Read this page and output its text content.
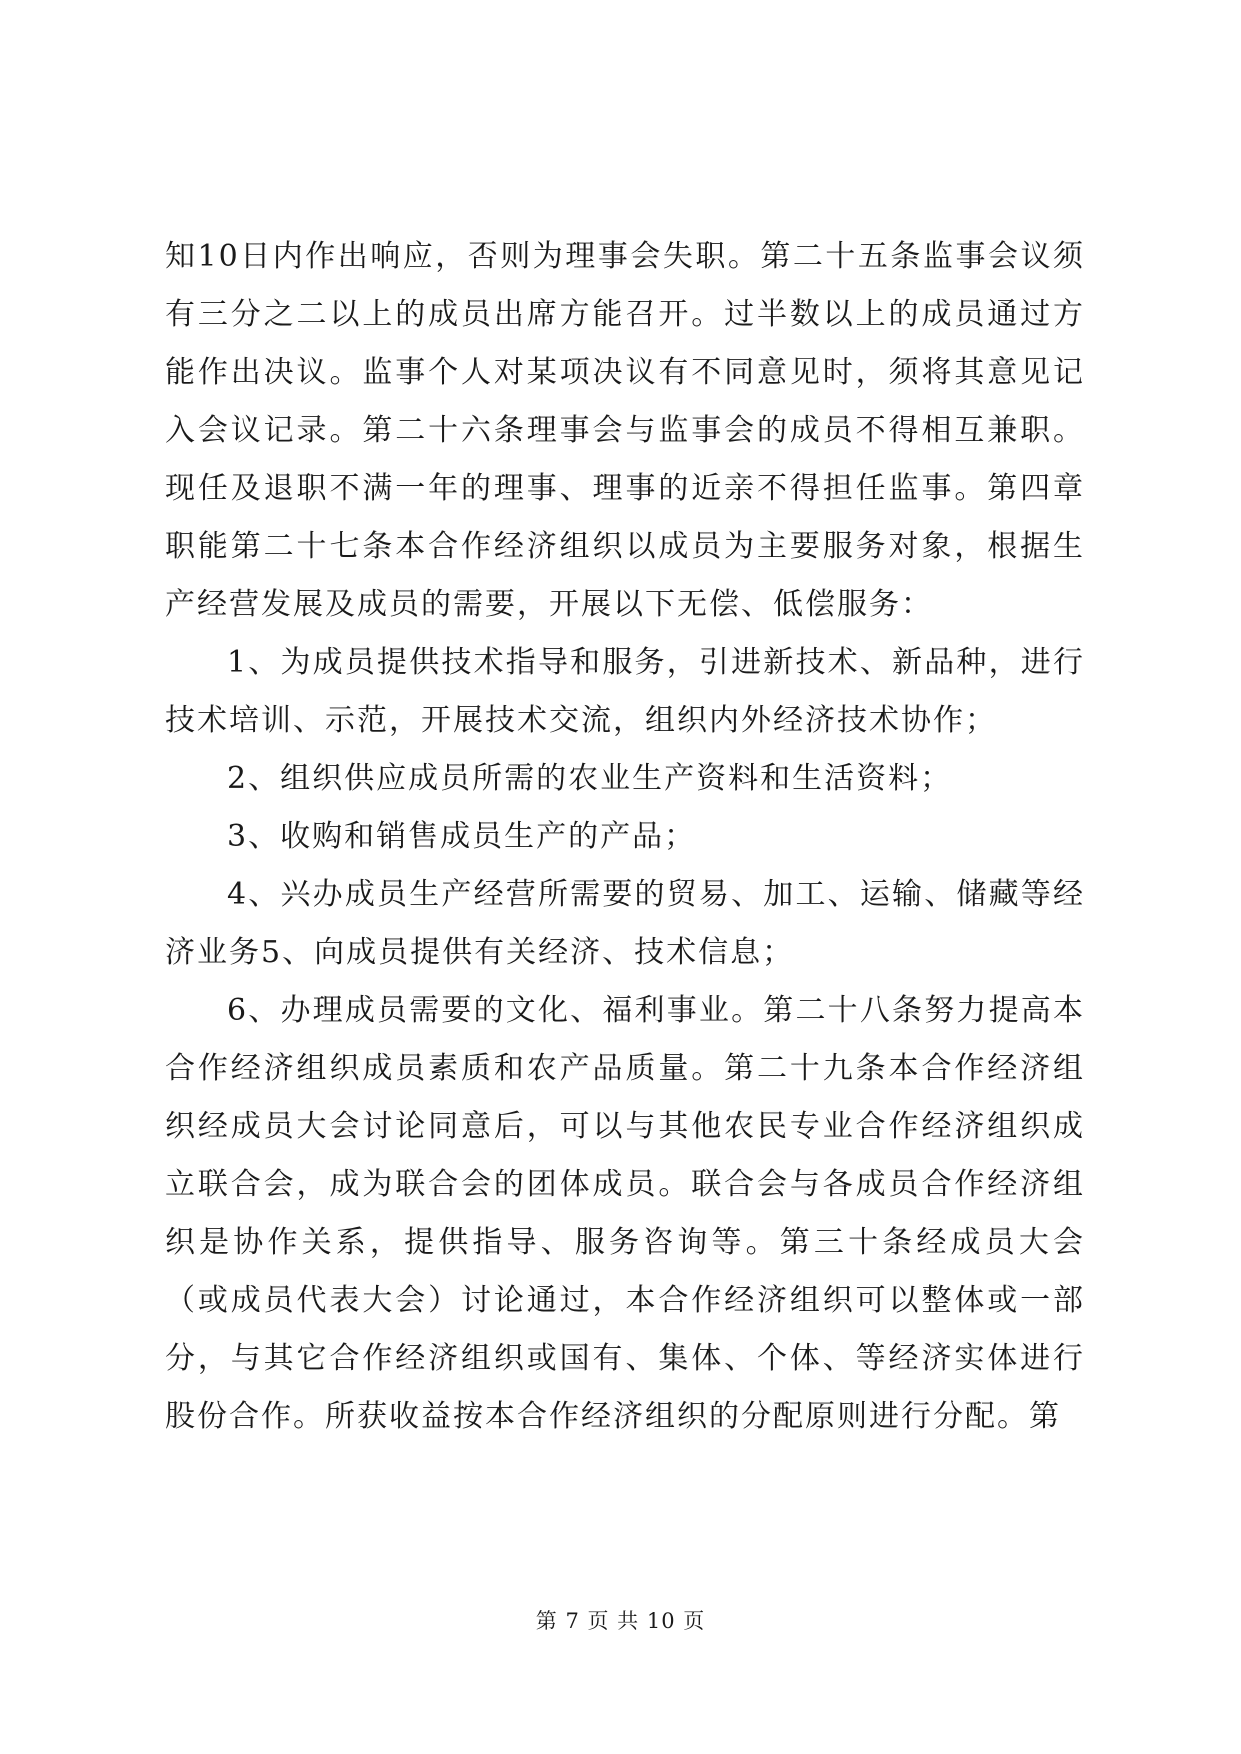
知10日内作出响应，否则为理事会失职。第二十五条监事会议须有三分之二以上的成员出席方能召开。过半数以上的成员通过方能作出决议。监事个人对某项决议有不同意见时，须将其意见记入会议记录。第二十六条理事会与监事会的成员不得相互兼职。现任及退职不满一年的理事、理事的近亲不得担任监事。第四章职能第二十七条本合作经济组织以成员为主要服务对象，根据生产经营发展及成员的需要，开展以下无偿、低偿服务：

1、为成员提供技术指导和服务，引进新技术、新品种，进行技术培训、示范，开展技术交流，组织内外经济技术协作；

2、组织供应成员所需的农业生产资料和生活资料；

3、收购和销售成员生产的产品；

4、兴办成员生产经营所需要的贸易、加工、运输、储藏等经济业务5、向成员提供有关经济、技术信息；

6、办理成员需要的文化、福利事业。第二十八条努力提高本合作经济组织成员素质和农产品质量。第二十九条本合作经济组织经成员大会讨论同意后，可以与其他农民专业合作经济组织成立联合会，成为联合会的团体成员。联合会与各成员合作经济组织是协作关系，提供指导、服务咨询等。第三十条经成员大会（或成员代表大会）讨论通过，本合作经济组织可以整体或一部分，与其它合作经济组织或国有、集体、个体、等经济实体进行股份合作。所获收益按本合作经济组织的分配原则进行分配。第

第 7 页 共 10 页
